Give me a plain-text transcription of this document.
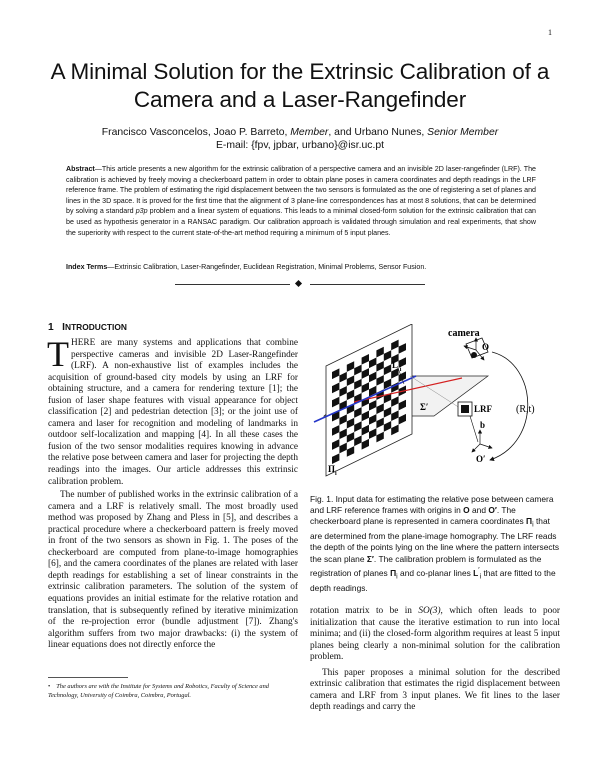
1
A Minimal Solution for the Extrinsic Calibration of a Camera and a Laser-Rangefinder
Francisco Vasconcelos, Joao P. Barreto, Member, and Urbano Nunes, Senior Member
E-mail: {fpv, jpbar, urbano}@isr.uc.pt

Abstract—This article presents a new algorithm for the extrinsic calibration of a perspective camera and an invisible 2D laser-rangefinder (LRF). The calibration is achieved by freely moving a checkerboard pattern in order to obtain plane poses in camera coordinates and depth readings in the LRF reference frame. The problem of estimating the rigid displacement between the two sensors is formulated as the one of registering a set of planes and lines in the 3D space. It is proved for the first time that the alignment of 3 plane-line correspondences has at most 8 solutions, that can be determined by solving a standard p3p problem and a linear system of equations. This leads to a minimal closed-form solution for the extrinsic calibration that can be used as hypothesis generator in a RANSAC paradigm. Our calibration approach is validated through simulation and real experiments, that show the superiority with respect to the current state-of-the-art method requiring a minimum of 5 input planes.

Index Terms—Extrinsic Calibration, Laser-Rangefinder, Euclidean Registration, Minimal Problems, Sensor Fusion.

1 INTRODUCTION

THERE are many systems and applications that combine perspective cameras and invisible 2D Laser-Rangefinder (LRF). A non-exhaustive list of examples includes the acquisition of ground-based city models by using an LRF for obtaining structure, and a camera for rendering texture [1]; the fusion of laser shape features with visual appearance for object classification [2] and pedestrian detection [3]; or the joint use of camera and laser for recognition and modeling of landmarks in outdoor self-localization and mapping [4]. In all these cases the fusion of the two sensor modalities requires knowing in advance the relative pose between camera and laser for projecting the depth readings into the images. Our article addresses this extrinsic calibration problem.

The number of published works in the extrinsic calibration of a camera and a LRF is relatively small. The most broadly used method was proposed by Zhang and Pless in [5], and describes a practical procedure where a checkerboard pattern is freely moved in front of the two sensors as shown in Fig. 1. The poses of the checkerboard are computed from plane-to-image homographies [6], and the camera coordinates of the planes are related with laser depth readings for establishing a set of linear constraints in the extrinsic calibration parameters. The solution of the system of equations provides an initial estimate for the relative rotation and translation, that is subsequently refined by iterative minimization of the re-projection error (bundle adjustment [7]). Zhang's algorithm suffers from two major drawbacks: (i) the system of linear equations does not directly enforce the

• The authors are with the Institute for Systems and Robotics, Faculty of Science and Technology, University of Coimbra, Coimbra, Portugal.

camera
O
$L'_i$
Σ′	LRF (R,t)
b
O′
$\Pi_i$

Fig. 1. Input data for estimating the relative pose between camera and LRF reference frames with origins in O and O′. The checkerboard plane is represented in camera coordinates $\Pi_i$ that are determined from the plane-image homography. The LRF reads the depth of the points lying on the line where the pattern intersects the scan plane Σ′. The calibration problem is formulated as the registration of planes $\Pi_i$ and co-planar lines $L'_i$ that are fitted to the depth readings.

rotation matrix to be in SO(3), which often leads to poor initialization that cause the iterative estimation to run into local minima; and (ii) the closed-form algorithm requires at least 5 input planes being clearly a non-minimal solution for the calibration problem.

This paper proposes a minimal solution for the described extrinsic calibration that estimates the rigid displacement between camera and LRF from 3 input planes. We fit lines to the laser depth readings and carry the
